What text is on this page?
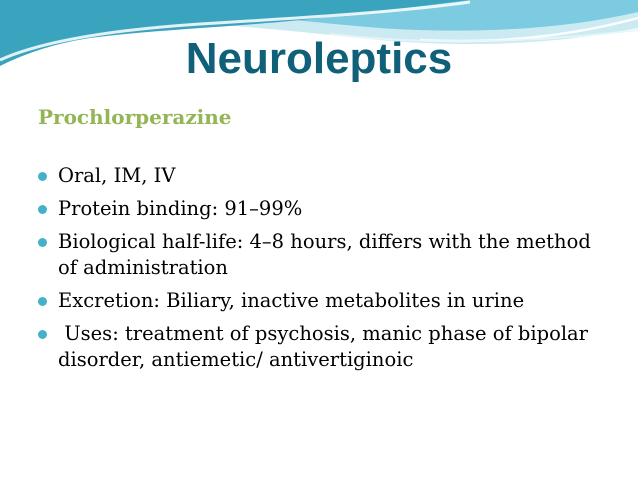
Neuroleptics
Prochlorperazine
Oral, IM, IV
Protein binding: 91–99%
Biological half-life: 4–8 hours, differs with the method of administration
Excretion: Biliary, inactive metabolites in urine
Uses: treatment of psychosis, manic phase of bipolar disorder, antiemetic/ antivertiginoic
